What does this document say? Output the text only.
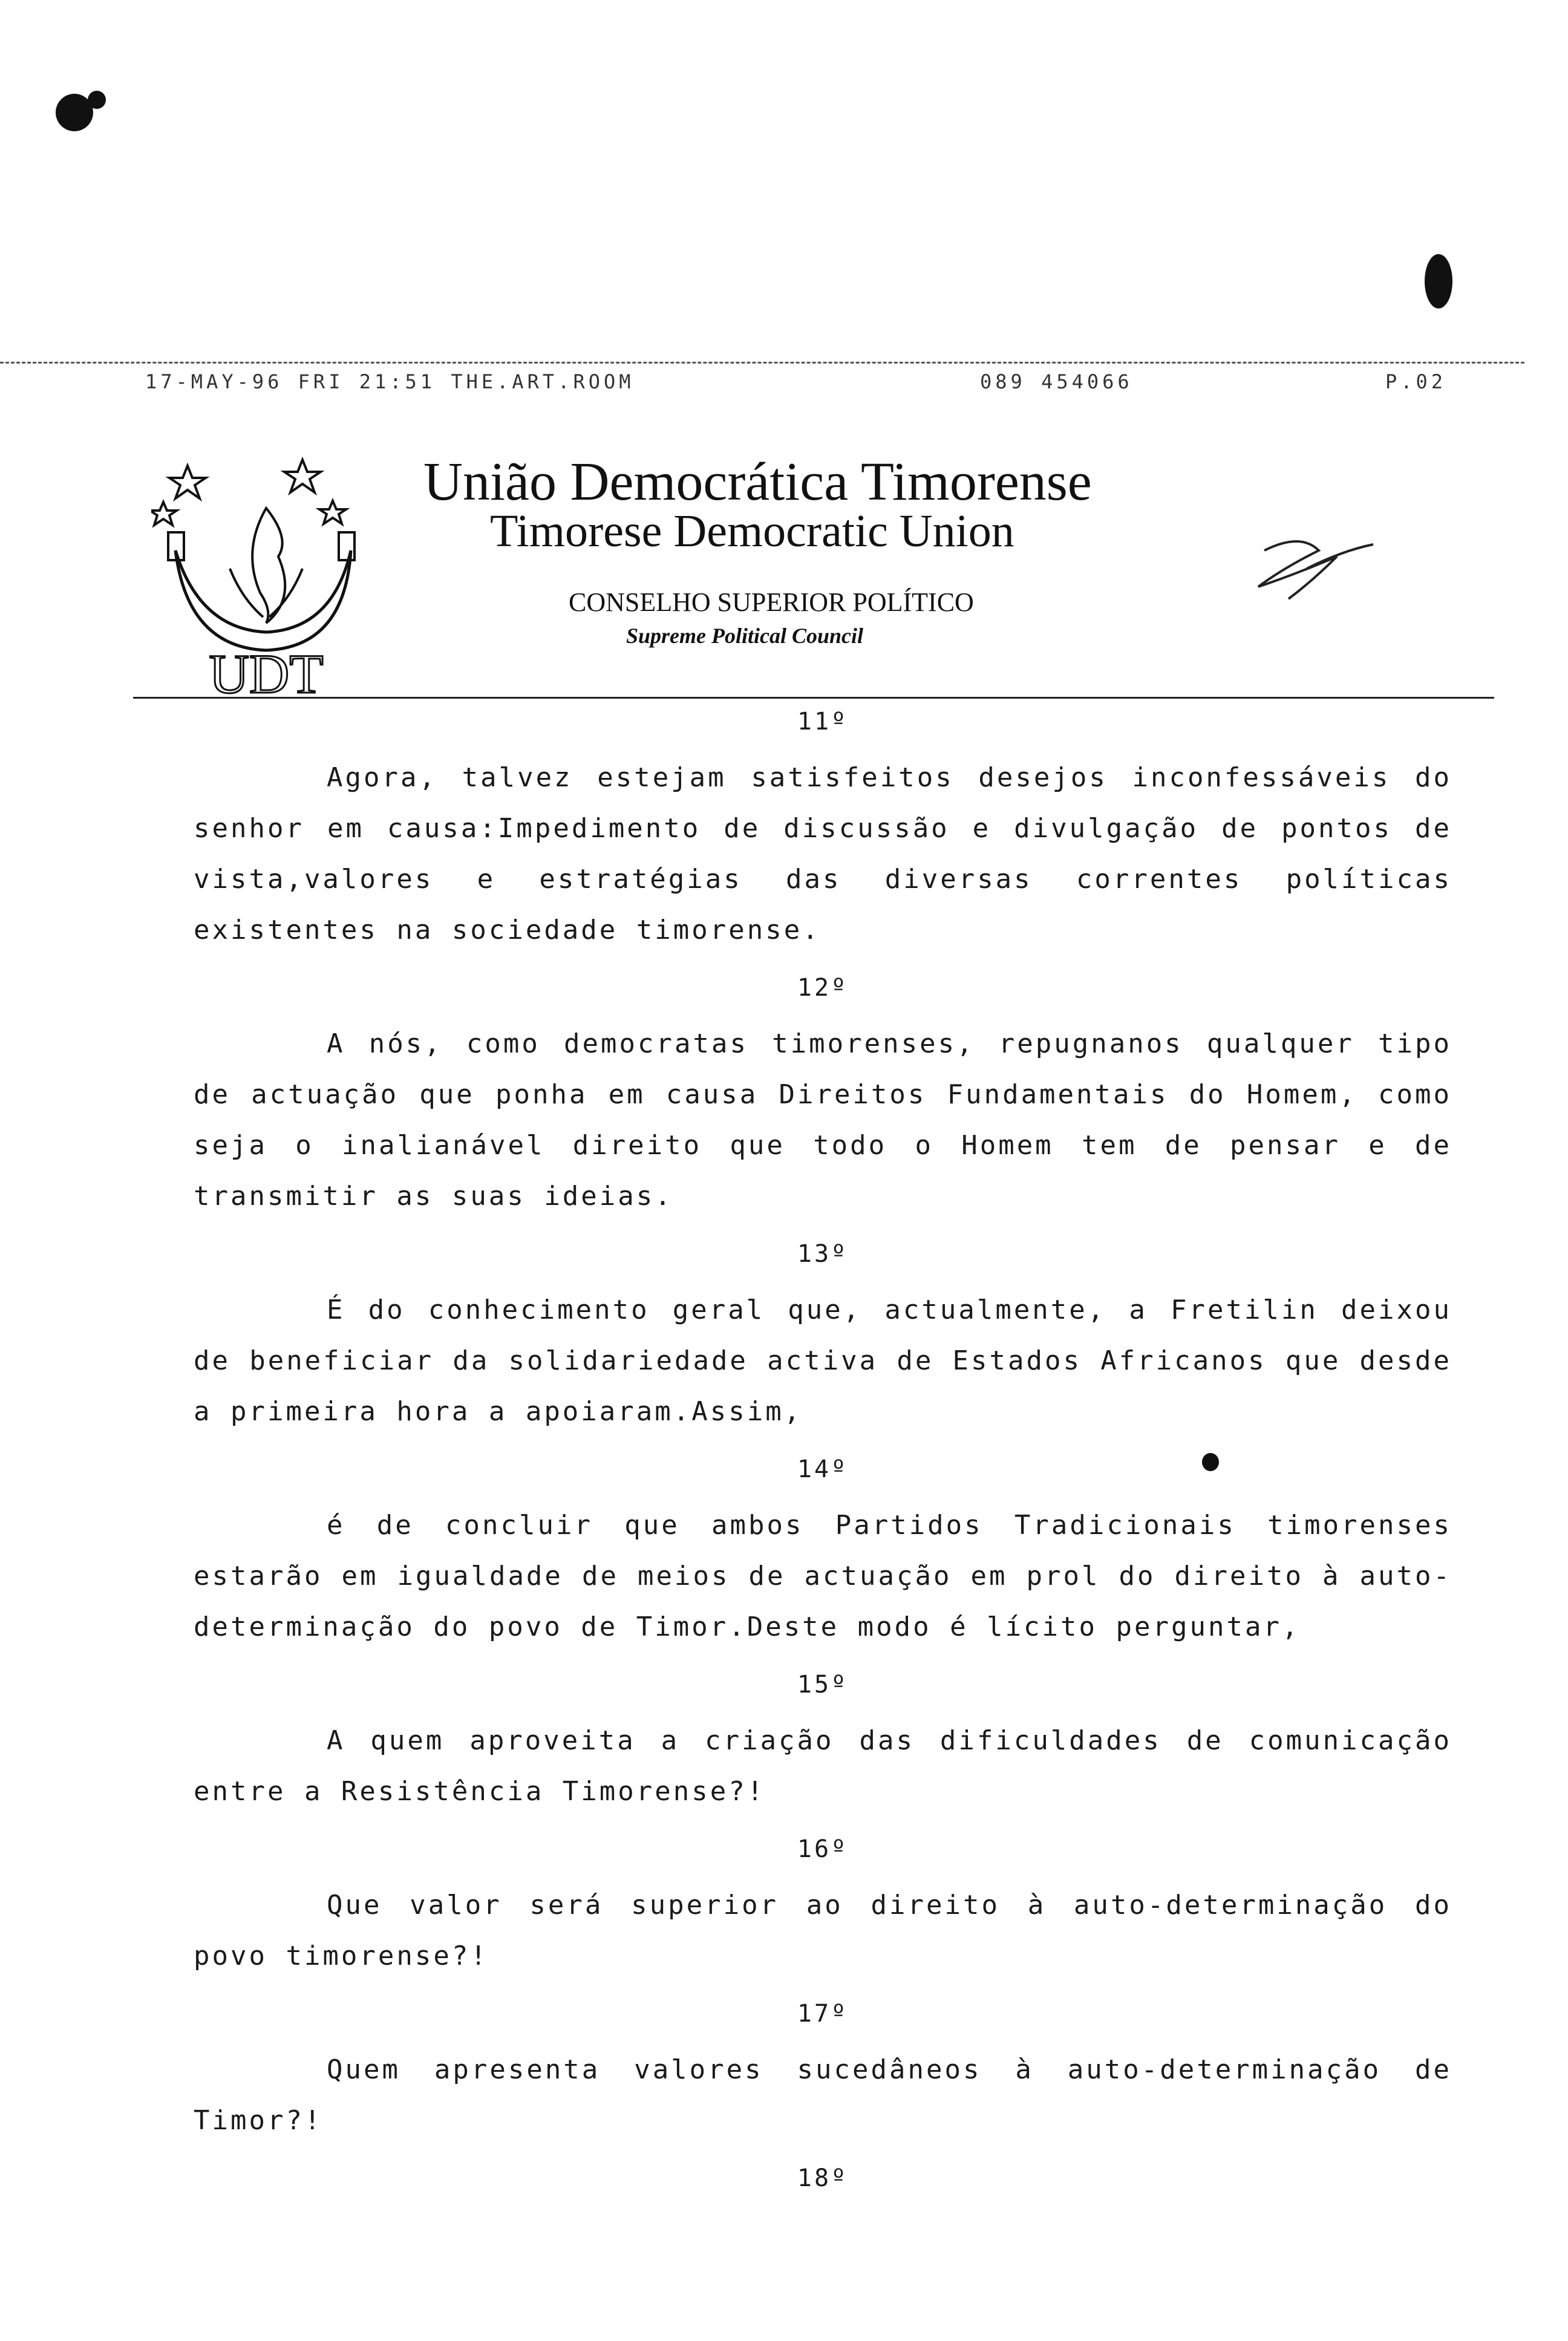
17-MAY-96 FRI 21:51 THE.ART.ROOM	089 454066	P.02
UDT
União Democrática Timorense
Timorese Democratic Union
CONSELHO SUPERIOR POLÍTICO
Supreme Political Council
11º

Agora, talvez estejam satisfeitos desejos inconfessáveis do senhor em causa:Impedimento de discussão e divulgação de pontos de vista,valores e estratégias das diversas correntes políticas existentes na sociedade timorense.

12º

A nós, como democratas timorenses, repugnanos qualquer tipo de actuação que ponha em causa Direitos Fundamentais do Homem, como seja o inalianável direito que todo o Homem tem de pensar e de transmitir as suas ideias.

13º

É do conhecimento geral que, actualmente, a Fretilin deixou de beneficiar da solidariedade activa de Estados Africanos que desde a primeira hora a apoiaram.Assim,

14º

é de concluir que ambos Partidos Tradicionais timorenses estarão em igualdade de meios de actuação em prol do direito à auto-determinação do povo de Timor.Deste modo é lícito perguntar,

15º

A quem aproveita a criação das dificuldades de comunicação entre a Resistência Timorense?!

16º

Que valor será superior ao direito à auto-determinação do povo timorense?!

17º

Quem apresenta valores sucedâneos à auto-determinação de Timor?!

18º
